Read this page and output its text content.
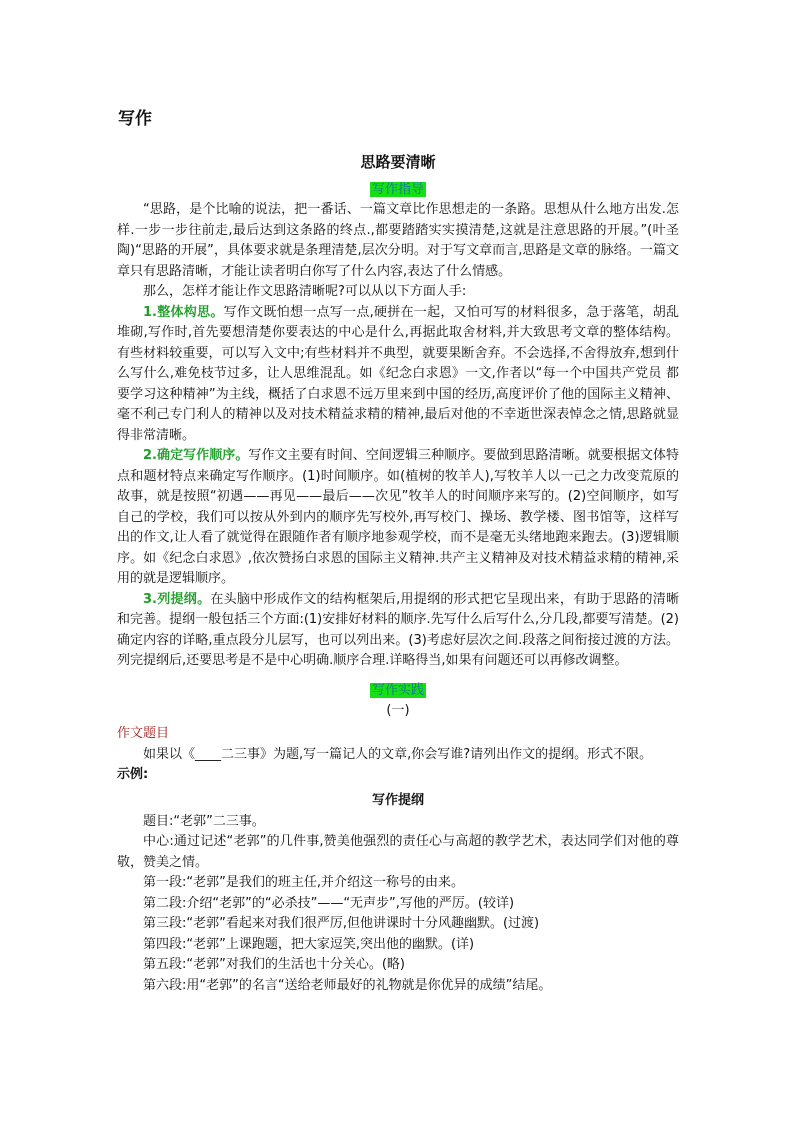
写作
思路要清晰
写作指导

“思路，是个比喻的说法，把一番话、一篇文章比作思想走的一条路。思想从什么地方出发.怎样.一步一步往前走,最后达到这条路的终点.,都要踏踏实实摸清楚,这就是注意思路的开展。”(叶圣陶)“思路的开展”，具体要求就是条理清楚,层次分明。对于写文章而言,思路是文章的脉络。一篇文章只有思路清晰，才能让读者明白你写了什么内容,表达了什么情感。

那么，怎样才能让作文思路清晰呢?可以从以下方面人手:

1.整体构思。写作文既怕想一点写一点,硬拼在一起，又怕可写的材料很多，急于落笔，胡乱堆砌,写作时,首先要想清楚你要表达的中心是什么,再据此取舍材料,并大致思考文章的整体结构。有些材料较重要，可以写入文中;有些材料并不典型，就要果断舍弃。不会选择,不舍得放弃,想到什么写什么,难免枝节过多，让人思维混乱。如《纪念白求恩》一文,作者以“每一个中国共产党员 都要学习这种精神”为主线，概括了白求恩不远万里来到中国的经历,高度评价了他的国际主义精神、毫不利己专门利人的精神以及对技术精益求精的精神,最后对他的不幸逝世深表悼念之情,思路就显得非常清晰。

2.确定写作顺序。写作文主要有时间、空间逻辑三种顺序。要做到思路清晰。就要根据文体特点和题材特点来确定写作顺序。(1)时间顺序。如(植树的牧羊人),写牧羊人以一己之力改变荒原的故事，就是按照“初遇——再见——最后——次见”牧羊人的时间顺序来写的。(2)空间顺序，如写自己的学校，我们可以按从外到内的顺序先写校外,再写校门、操场、教学楼、图书馆等，这样写出的作文,让人看了就觉得在跟随作者有顺序地参观学校，而不是毫无头绪地跑来跑去。(3)逻辑顺序。如《纪念白求恩》,依次赞扬白求恩的国际主义精神.共产主义精神及对技术精益求精的精神,采用的就是逻辑顺序。

3.列提纲。在头脑中形成作文的结构框架后,用提纲的形式把它呈现出来，有助于思路的清晰和完善。提纲一般包括三个方面:(1)安排好材料的顺序.先写什么后写什么,分几段,都要写清楚。(2)确定内容的详略,重点段分儿层写，也可以列出来。(3)考虑好层次之间.段落之间衔接过渡的方法。列完提纲后,还要思考是不是中心明确.顺序合理.详略得当,如果有问题还可以再修改调整。

写作实践

(一)

作文题目

如果以《____二三事》为题,写一篇记人的文章,你会写谁?请列出作文的提纲。形式不限。

示例:

写作提纲

题目:“老郭”二三事。

中心:通过记述“老郭”的几件事,赞美他强烈的责任心与高超的教学艺术，表达同学们对他的尊敬，赞美之情。

第一段:“老郭”是我们的班主任,并介绍这一称号的由来。

第二段:介绍“老郭”的“必杀技”——“无声步”,写他的严厉。(较详)

第三段:“老郭”看起来对我们很严厉,但他讲课时十分风趣幽默。(过渡)

第四段:“老郭”上课跑题，把大家逗笑,突出他的幽默。(详)

第五段:“老郭”对我们的生活也十分关心。(略)

第六段:用“老郭”的名言“送给老师最好的礼物就是你优异的成绩”结尾。
